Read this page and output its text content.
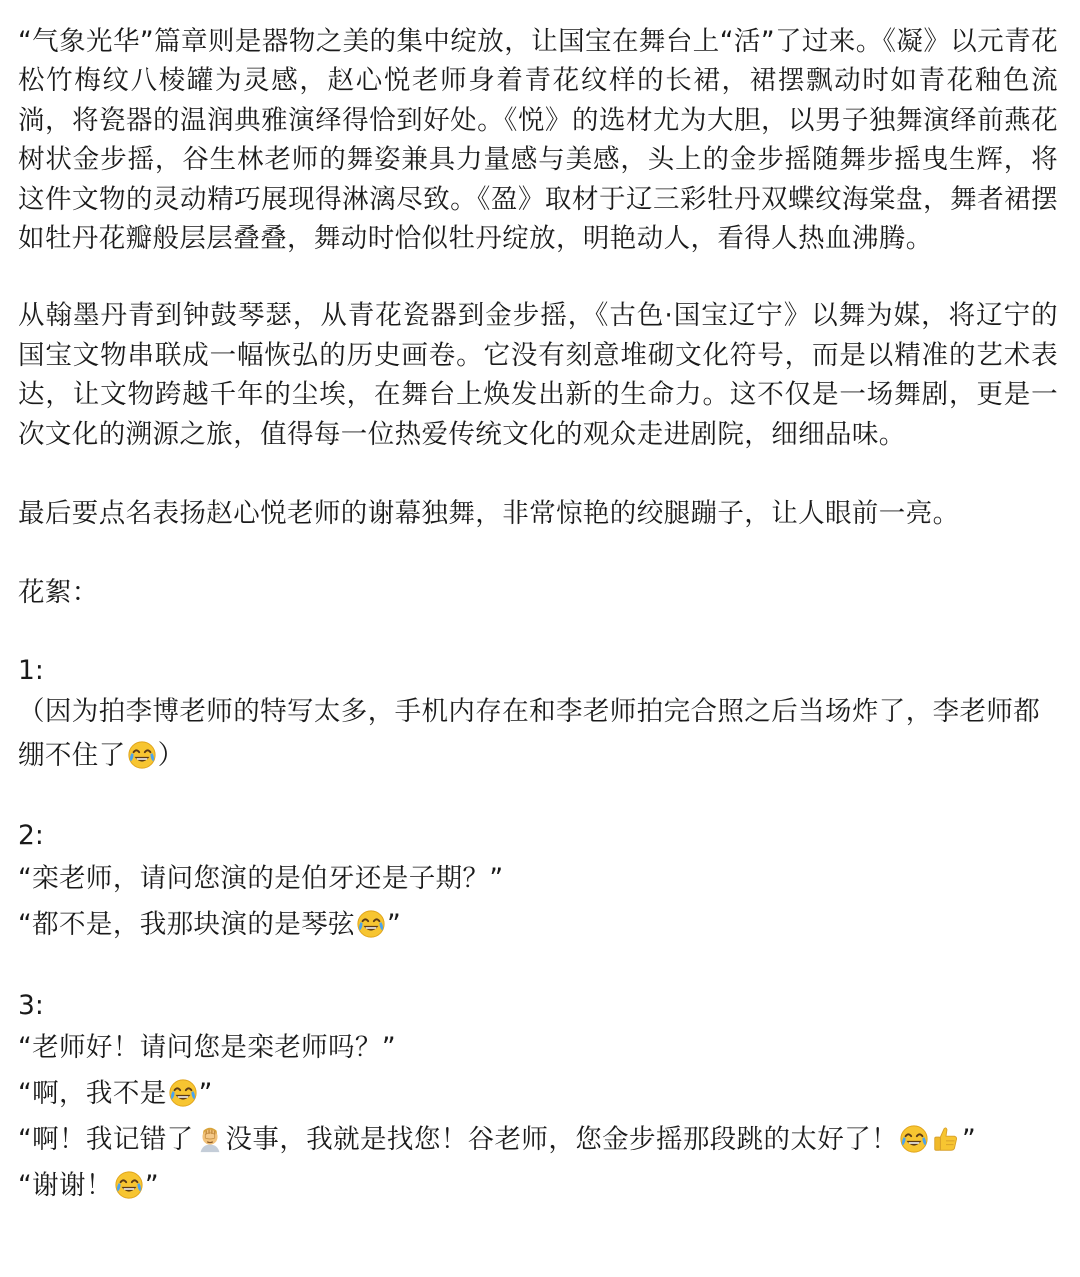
“气象光华”篇章则是器物之美的集中绽放，让国宝在舞台上“活”了过来。《凝》以元青花松竹梅纹八棱罐为灵感，赵心悦老师身着青花纹样的长裙，裙摆飘动时如青花釉色流淌，将瓷器的温润典雅演绎得恰到好处。《悦》的选材尤为大胆，以男子独舞演绎前燕花树状金步摇，谷生林老师的舞姿兼具力量感与美感，头上的金步摇随舞步摇曳生辉，将这件文物的灵动精巧展现得淋漓尽致。《盈》取材于辽三彩牡丹双蝶纹海棠盘，舞者裙摆如牡丹花瓣般层层叠叠，舞动时恰似牡丹绽放，明艳动人，看得人热血沸腾。

从翰墨丹青到钟鼓琴瑟，从青花瓷器到金步摇，《古色·国宝辽宁》以舞为媒，将辽宁的国宝文物串联成一幅恢弘的历史画卷。它没有刻意堆砌文化符号，而是以精准的艺术表达，让文物跨越千年的尘埃，在舞台上焕发出新的生命力。这不仅是一场舞剧，更是一次文化的溯源之旅，值得每一位热爱传统文化的观众走进剧院，细细品味。

最后要点名表扬赵心悦老师的谢幕独舞，非常惊艳的绞腿蹦子，让人眼前一亮。

花絮：

1:

（因为拍李博老师的特写太多，手机内存在和李老师拍完合照之后当场炸了，李老师都绷不住了 ）

2:

“栾老师，请问您演的是伯牙还是子期？”

“都不是，我那块演的是琴弦 ”

3:

“老师好！请问您是栾老师吗？”

“啊，我不是 ”

“啊！我记错了 没事，我就是找您！谷老师，您金步摇那段跳的太好了！ ”

“谢谢！ ”
